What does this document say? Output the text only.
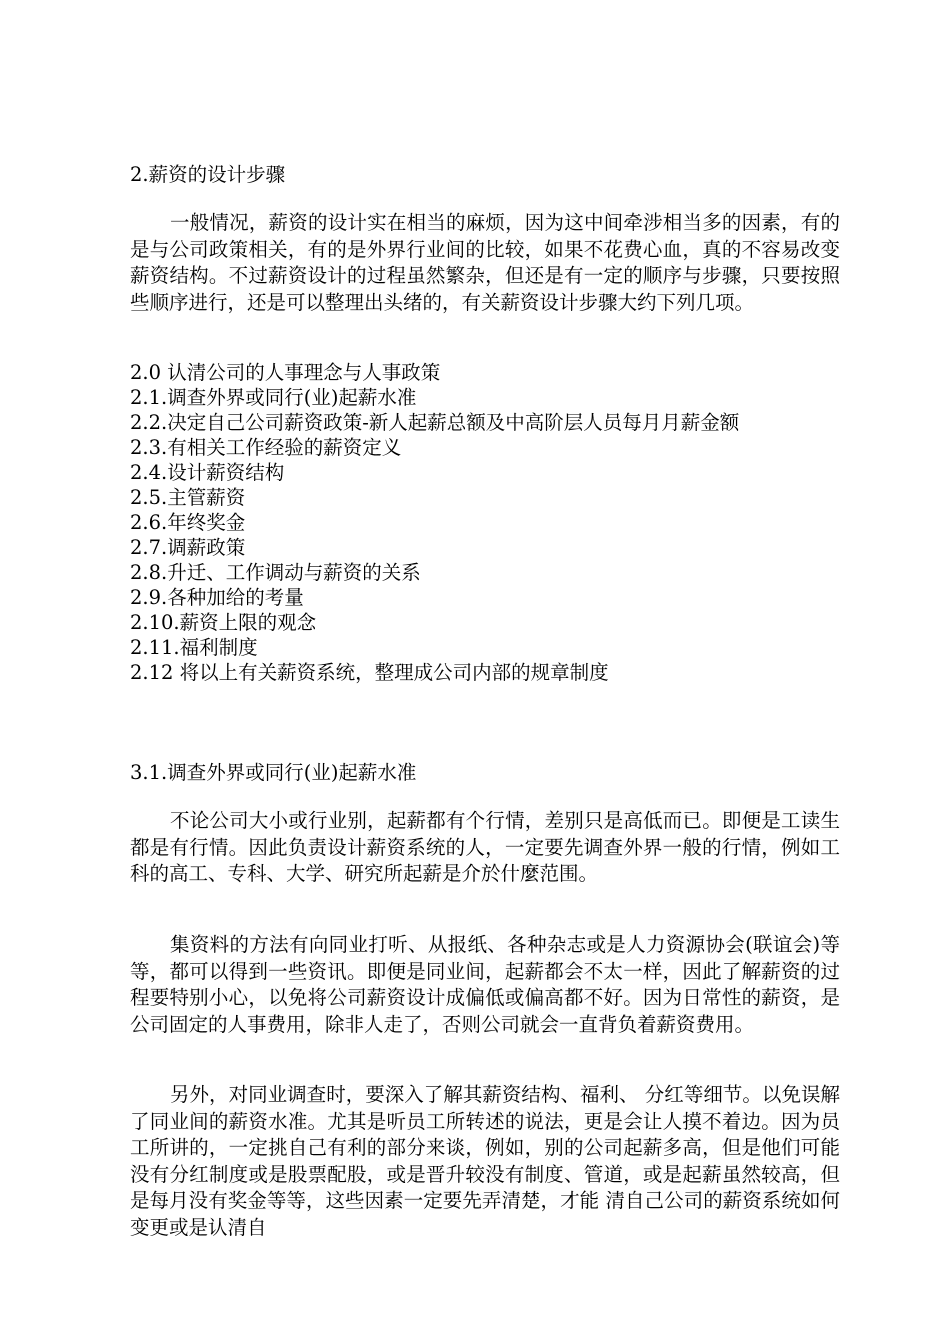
2.薪资的设计步骤
一般情况，薪资的设计实在相当的麻烦，因为这中间牵涉相当多的因素，有的是与公司政策相关，有的是外界行业间的比较，如果不花费心血，真的不容易改变薪资结构。不过薪资设计的过程虽然繁杂，但还是有一定的顺序与步骤，只要按照些顺序进行，还是可以整理出头绪的，有关薪资设计步骤大约下列几项。
2.0 认清公司的人事理念与人事政策
2.1.调查外界或同行(业)起薪水准
2.2.决定自己公司薪资政策-新人起薪总额及中高阶层人员每月月薪金额
2.3.有相关工作经验的薪资定义
2.4.设计薪资结构
2.5.主管薪资
2.6.年终奖金
2.7.调薪政策
2.8.升迁、工作调动与薪资的关系
2.9.各种加给的考量
2.10.薪资上限的观念
2.11.福利制度
2.12 将以上有关薪资系统，整理成公司内部的规章制度
3.1.调查外界或同行(业)起薪水准
不论公司大小或行业别，起薪都有个行情，差别只是高低而已。即便是工读生都是有行情。因此负责设计薪资系统的人，一定要先调查外界一般的行情，例如工科的高工、专科、大学、研究所起薪是介於什麼范围。
集资料的方法有向同业打听、从报纸、各种杂志或是人力资源协会(联谊会)等等，都可以得到一些资讯。即便是同业间，起薪都会不太一样，因此了解薪资的过程要特别小心，以免将公司薪资设计成偏低或偏高都不好。因为日常性的薪资，是公司固定的人事费用，除非人走了，否则公司就会一直背负着薪资费用。
另外，对同业调查时，要深入了解其薪资结构、福利、 分红等细节。以免误解了同业间的薪资水准。尤其是听员工所转述的说法，更是会让人摸不着边。因为员工所讲的，一定挑自己有利的部分来谈，例如，别的公司起薪多高，但是他们可能没有分红制度或是股票配股，或是晋升较没有制度、管道，或是起薪虽然较高，但是每月没有奖金等等，这些因素一定要先弄清楚，才能 清自己公司的薪资系统如何变更或是认清自
